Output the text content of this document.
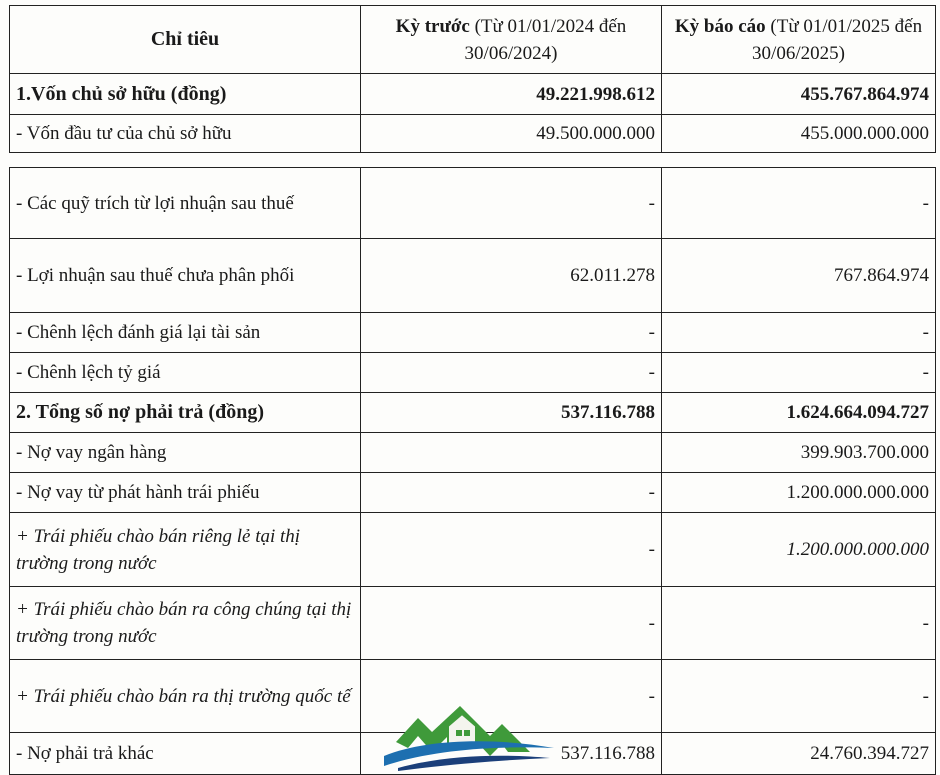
Chỉ tiêu	Kỳ trước (Từ 01/01/2024 đến 30/06/2024)	Kỳ báo cáo (Từ 01/01/2025 đến 30/06/2025)
1.Vốn chủ sở hữu (đồng)	49.221.998.612	455.767.864.974
- Vốn đầu tư của chủ sở hữu	49.500.000.000	455.000.000.000
- Các quỹ trích từ lợi nhuận sau thuế	-	-
- Lợi nhuận sau thuế chưa phân phối	62.011.278	767.864.974
- Chênh lệch đánh giá lại tài sản	-	-
- Chênh lệch tỷ giá	-	-
2. Tổng số nợ phải trả (đồng)	537.116.788	1.624.664.094.727
- Nợ vay ngân hàng		399.903.700.000
- Nợ vay từ phát hành trái phiếu	-	1.200.000.000.000
+ Trái phiếu chào bán riêng lẻ tại thị trường trong nước	-	1.200.000.000.000
+ Trái phiếu chào bán ra công chúng tại thị trường trong nước	-	-
+ Trái phiếu chào bán ra thị trường quốc tế	-	-
- Nợ phải trả khác	537.116.788	24.760.394.727
